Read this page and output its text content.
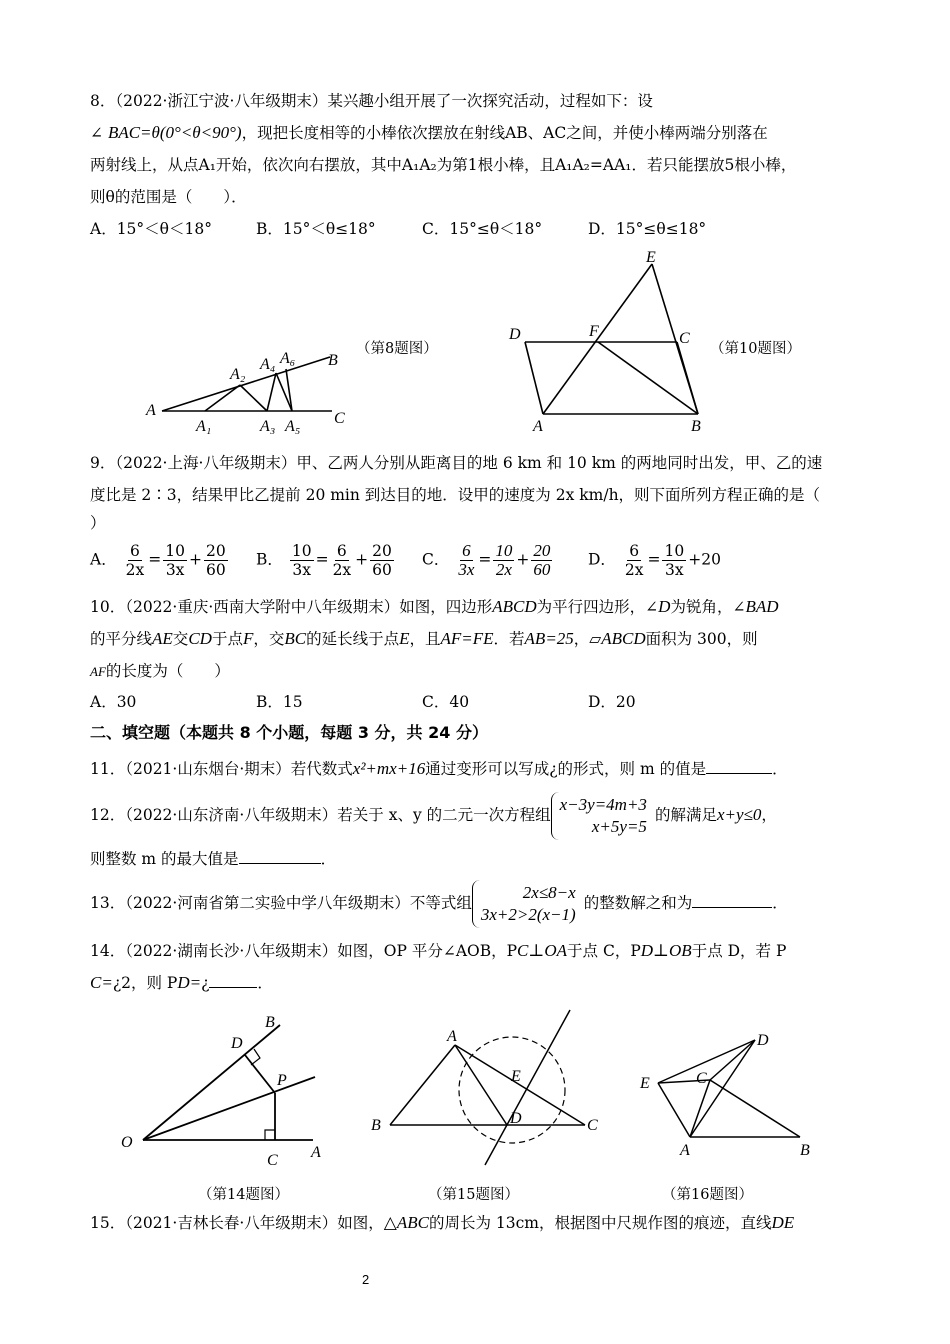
8．（2022·浙江宁波·八年级期末）某兴趣小组开展了一次探究活动，过程如下：设
∠ BAC=θ(0°<θ<90°)，现把长度相等的小棒依次摆放在射线AB、AC之间，并使小棒两端分别落在
两射线上，从点A₁开始，依次向右摆放，其中A₁A₂为第1根小棒，且A₁A₂=AA₁．若只能摆放5根小棒，
则θ的范围是（　　）．
A．15°＜θ＜18°	B．15°＜θ≤18°	C．15°≤θ＜18°	D．15°≤θ≤18°
A
A₁
A₂
A₃
A₄
A₅
A₆ B
C
（第8题图）
E
D	F	C
A	B
（第10题图）
9．（2022·上海·八年级期末）甲、乙两人分别从距离目的地 6 km 和 10 km 的两地同时出发，甲、乙的速
度比是 2∶3，结果甲比乙提前 20 min 到达目的地．设甲的速度为 2x km/h，则下面所列方程正确的是（
）
A． $\frac{6}{2x} = \frac{10}{3x} + \frac{20}{60}$ B． $\frac{10}{3x} = \frac{6}{2x} + \frac{20}{60}$ C． $\frac{6}{3x} = \frac{10}{2x} + \frac{20}{60}$ D． $\frac{6}{2x} = \frac{10}{3x} +20$
10．（2022·重庆·西南大学附中八年级期末）如图，四边形ABCD为平行四边形，∠D为锐角，∠BAD
的平分线AE交CD于点F，交BC的延长线于点E，且AF=FE．若AB=25，▱ABCD面积为 300，则
AF的长度为（　　）
A．30	B．15	C．40	D．20
二、填空题（本题共 8 个小题，每题 3 分，共 24 分）
11．（2021·山东烟台·期末）若代数式x²+mx+16通过变形可以写成¿的形式，则 m 的值是	．
12．（2022·山东济南·八年级期末）若关于 x、y 的二元一次方程组x−3y=4m+3
x+5y=5的解满足x+y≤0，
则整数 m 的最大值是	．
13．（2022·河南省第二实验中学八年级期末）不等式组2x≤8−x
3x+2>2(x−1)的整数解之和为	．
14．（2022·湖南长沙·八年级期末）如图，OP 平分∠AOB，PC⊥OA于点 C，PD⊥OB于点 D，若 P
C=¿2，则 PD=¿	．
B
D
P
O
C A
（第14题图）
A
E
B	D	C
（第15题图）
D
E	C
A	B
（第16题图）
15．（2021·吉林长春·八年级期末）如图，△ABC的周长为 13cm，根据图中尺规作图的痕迹，直线DE
2
